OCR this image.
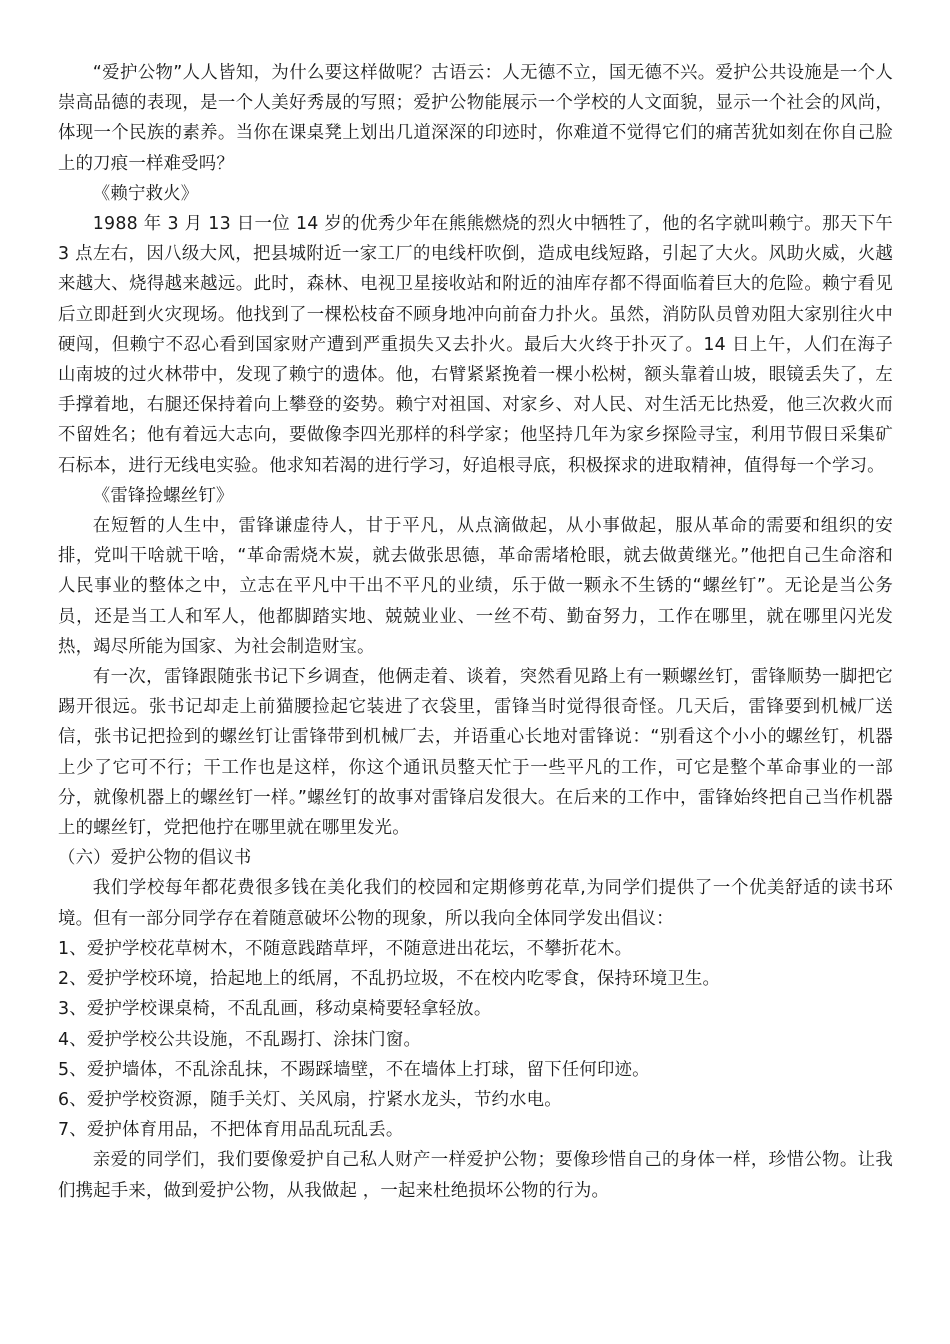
“爱护公物”人人皆知，为什么要这样做呢？古语云：人无德不立，国无德不兴。爱护公共设施是一个人崇高品德的表现，是一个人美好秀晟的写照；爱护公物能展示一个学校的人文面貌，显示一个社会的风尚，体现一个民族的素养。当你在课桌凳上划出几道深深的印迹时，你难道不觉得它们的痛苦犹如刻在你自己脸上的刀痕一样难受吗？

《赖宁救火》

1988 年 3 月 13 日一位 14 岁的优秀少年在熊熊燃烧的烈火中牺牲了，他的名字就叫赖宁。那天下午 3 点左右，因八级大风，把县城附近一家工厂的电线杆吹倒，造成电线短路，引起了大火。风助火威，火越来越大、烧得越来越远。此时，森林、电视卫星接收站和附近的油库存都不得面临着巨大的危险。赖宁看见后立即赶到火灾现场。他找到了一棵松枝奋不顾身地冲向前奋力扑火。虽然，消防队员曾劝阻大家别往火中硬闯，但赖宁不忍心看到国家财产遭到严重损失又去扑火。最后大火终于扑灭了。14 日上午，人们在海子山南坡的过火林带中，发现了赖宁的遗体。他，右臂紧紧挽着一棵小松树，额头靠着山坡，眼镜丢失了，左手撑着地，右腿还保持着向上攀登的姿势。赖宁对祖国、对家乡、对人民、对生活无比热爱，他三次救火而不留姓名；他有着远大志向，要做像李四光那样的科学家；他坚持几年为家乡探险寻宝，利用节假日采集矿石标本，进行无线电实验。他求知若渴的进行学习，好追根寻底，积极探求的进取精神，值得每一个学习。

《雷锋捡螺丝钉》

在短暂的人生中，雷锋谦虚待人，甘于平凡，从点滴做起，从小事做起，服从革命的需要和组织的安排，党叫干啥就干啥，“革命需烧木炭，就去做张思德，革命需堵枪眼，就去做黄继光。”他把自己生命溶和人民事业的整体之中，立志在平凡中干出不平凡的业绩，乐于做一颗永不生锈的“螺丝钉”。无论是当公务员，还是当工人和军人，他都脚踏实地、兢兢业业、一丝不苟、勤奋努力，工作在哪里，就在哪里闪光发热，竭尽所能为国家、为社会制造财宝。

有一次，雷锋跟随张书记下乡调查，他俩走着、谈着，突然看见路上有一颗螺丝钉，雷锋顺势一脚把它踢开很远。张书记却走上前猫腰捡起它装进了衣袋里，雷锋当时觉得很奇怪。几天后，雷锋要到机械厂送信，张书记把捡到的螺丝钉让雷锋带到机械厂去，并语重心长地对雷锋说：“别看这个小小的螺丝钉，机器上少了它可不行；干工作也是这样，你这个通讯员整天忙于一些平凡的工作，可它是整个革命事业的一部分，就像机器上的螺丝钉一样。”螺丝钉的故事对雷锋启发很大。在后来的工作中，雷锋始终把自己当作机器上的螺丝钉，党把他拧在哪里就在哪里发光。

（六）爱护公物的倡议书

我们学校每年都花费很多钱在美化我们的校园和定期修剪花草,为同学们提供了一个优美舒适的读书环境。但有一部分同学存在着随意破坏公物的现象，所以我向全体同学发出倡议：

1、爱护学校花草树木，不随意践踏草坪，不随意进出花坛，不攀折花木。

2、爱护学校环境，拾起地上的纸屑，不乱扔垃圾，不在校内吃零食，保持环境卫生。

3、爱护学校课桌椅，不乱乱画，移动桌椅要轻拿轻放。

4、爱护学校公共设施，不乱踢打、涂抹门窗。

5、爱护墙体，不乱涂乱抹，不踢踩墙壁，不在墙体上打球，留下任何印迹。

6、爱护学校资源，随手关灯、关风扇，拧紧水龙头，节约水电。

7、爱护体育用品，不把体育用品乱玩乱丢。

亲爱的同学们，我们要像爱护自己私人财产一样爱护公物；要像珍惜自己的身体一样，珍惜公物。让我们携起手来，做到爱护公物，从我做起 ，一起来杜绝损坏公物的行为。
